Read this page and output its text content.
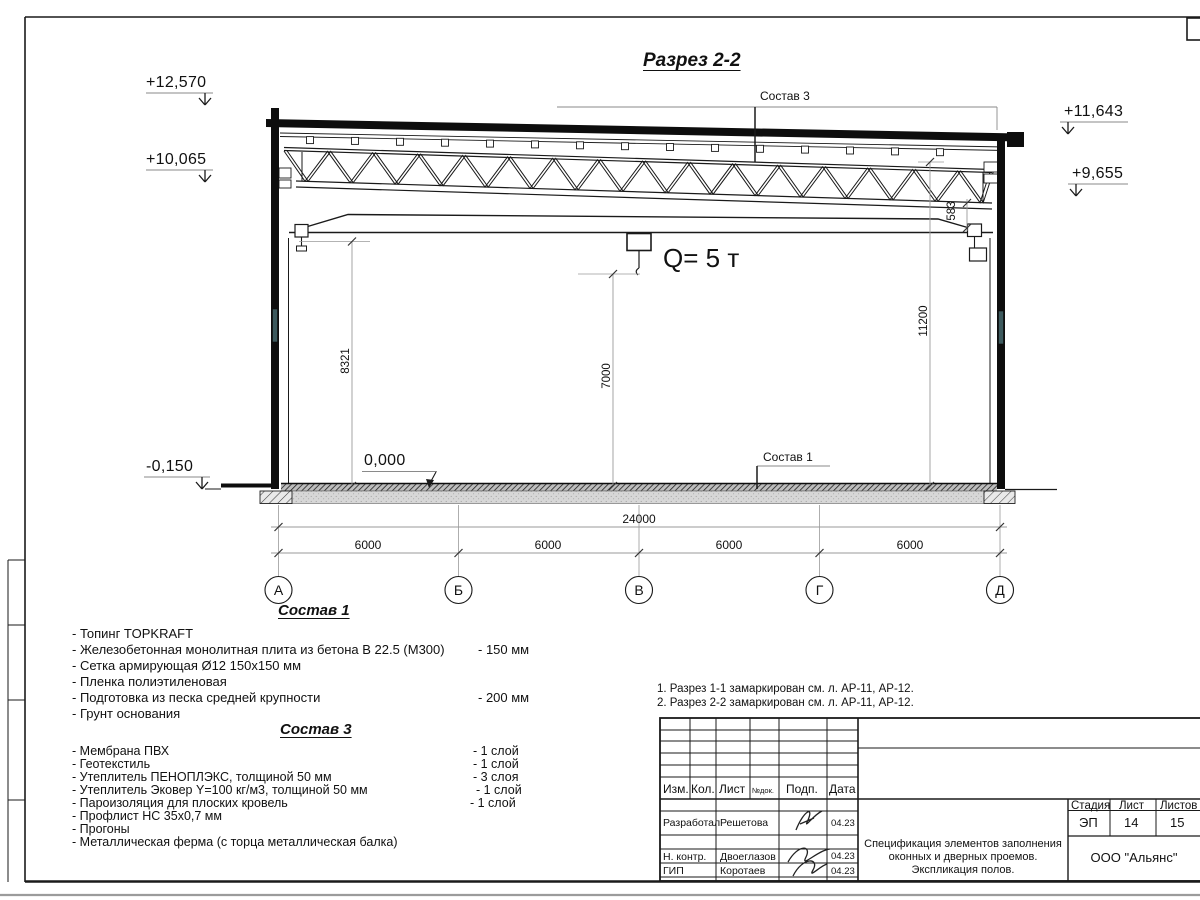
Разрез 2-2
+12,570
+10,065
+11,643
+9,655
-0,150	0,000
Состав 3
Состав 1
Q= 5 т
8321
7000
11200
583
24000
6000	6000	6000	6000
А	Б	В	Г	Д
Состав 1
- Топинг TOPKRAFT
- Железобетонная монолитная плита из бетона В 22.5 (М300)	- 150 мм
- Сетка армирующая Ø12 150х150 мм
- Пленка полиэтиленовая
- Подготовка из песка средней крупности	- 200 мм
- Грунт основания
Состав 3
- Мембрана ПВХ	- 1 слой
- Геотекстиль	- 1 слой
- Утеплитель ПЕНОПЛЭКС, толщиной 50 мм	- 3 слоя
- Утеплитель Эковер Y=100 кг/м3, толщиной 50 мм	- 1 слой
- Пароизоляция для плоских кровель	- 1 слой
- Профлист НС 35х0,7 мм
- Прогоны
- Металлическая ферма (с торца металлическая балка)
1. Разрез 1-1 замаркирован см. л. АР-11, АР-12.
2. Разрез 2-2 замаркирован см. л. АР-11, АР-12.
Изм. Кол. Лист №док. Подп. Дата
Разработал Решетова	04.23
Н. контр. Двоеглазов	04.23
ГИП	Коротаев	04.23
Стадия Лист Листов
ЭП 14 15
Спецификация элементов заполнения
оконных и дверных проемов.
Экспликация полов.
ООО "Альянс"
